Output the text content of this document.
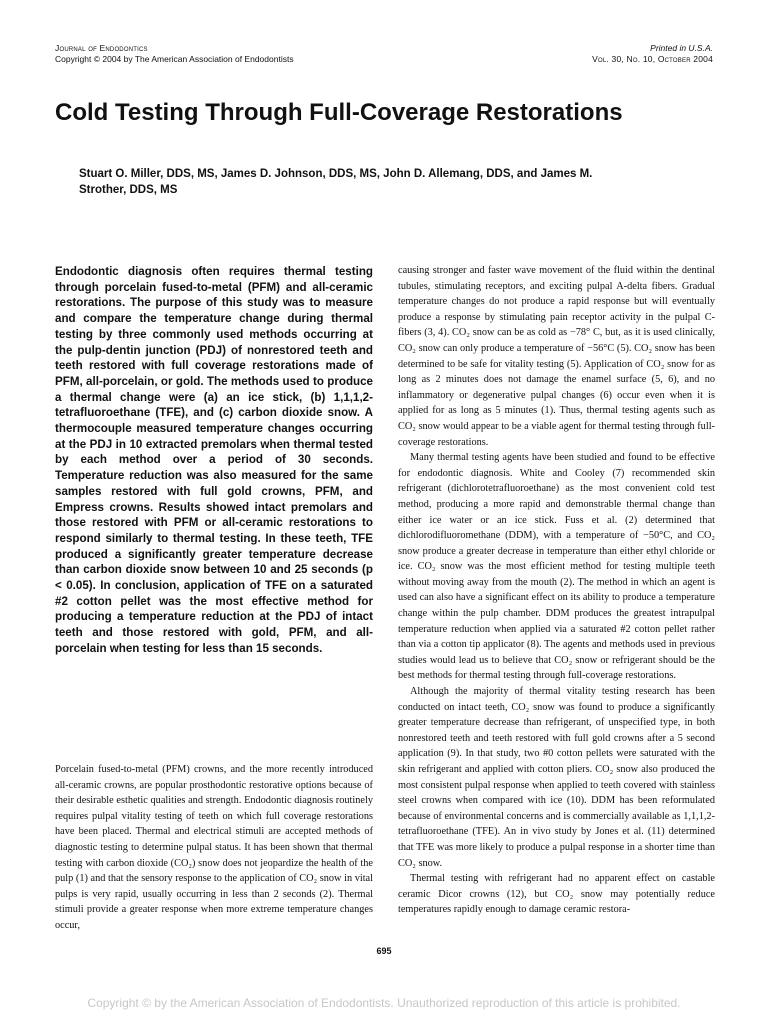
Journal of Endodontics
Copyright © 2004 by The American Association of Endodontists
Printed in U.S.A.
Vol. 30, No. 10, October 2004
Cold Testing Through Full-Coverage Restorations
Stuart O. Miller, DDS, MS, James D. Johnson, DDS, MS, John D. Allemang, DDS, and James M. Strother, DDS, MS
Endodontic diagnosis often requires thermal testing through porcelain fused-to-metal (PFM) and all-ceramic restorations. The purpose of this study was to measure and compare the temperature change during thermal testing by three commonly used methods occurring at the pulp-dentin junction (PDJ) of nonrestored teeth and teeth restored with full coverage restorations made of PFM, all-porcelain, or gold. The methods used to produce a thermal change were (a) an ice stick, (b) 1,1,1,2-tetrafluoroethane (TFE), and (c) carbon dioxide snow. A thermocouple measured temperature changes occurring at the PDJ in 10 extracted premolars when thermal tested by each method over a period of 30 seconds. Temperature reduction was also measured for the same samples restored with full gold crowns, PFM, and Empress crowns. Results showed intact premolars and those restored with PFM or all-ceramic restorations to respond similarly to thermal testing. In these teeth, TFE produced a significantly greater temperature decrease than carbon dioxide snow between 10 and 25 seconds (p < 0.05). In conclusion, application of TFE on a saturated #2 cotton pellet was the most effective method for producing a temperature reduction at the PDJ of intact teeth and those restored with gold, PFM, and all-porcelain when testing for less than 15 seconds.

Porcelain fused-to-metal (PFM) crowns, and the more recently introduced all-ceramic crowns, are popular prosthodontic restorative options because of their desirable esthetic qualities and strength. Endodontic diagnosis routinely requires pulpal vitality testing of teeth on which full coverage restorations have been placed. Thermal and electrical stimuli are accepted methods of diagnostic testing to determine pulpal status. It has been shown that thermal testing with carbon dioxide (CO₂) snow does not jeopardize the health of the pulp (1) and that the sensory response to the application of CO₂ snow in vital pulps is very rapid, usually occurring in less than 2 seconds (2). Thermal stimuli provide a greater response when more extreme temperature changes occur,

causing stronger and faster wave movement of the fluid within the dentinal tubules, stimulating receptors, and exciting pulpal A-delta fibers. Gradual temperature changes do not produce a rapid response but will eventually produce a response by stimulating pain receptor activity in the pulpal C-fibers (3, 4). CO₂ snow can be as cold as −78° C, but, as it is used clinically, CO₂ snow can only produce a temperature of −56°C (5). CO₂ snow has been determined to be safe for vitality testing (5). Application of CO₂ snow for as long as 2 minutes does not damage the enamel surface (5, 6), and no inflammatory or degenerative pulpal changes (6) occur even when it is applied for as long as 5 minutes (1). Thus, thermal testing agents such as CO₂ snow would appear to be a viable agent for thermal testing through full-coverage restorations.

Many thermal testing agents have been studied and found to be effective for endodontic diagnosis. White and Cooley (7) recommended skin refrigerant (dichlorotetrafluoroethane) as the most convenient cold test method, producing a more rapid and demonstrable thermal change than either ice water or an ice stick. Fuss et al. (2) determined that dichlorodifluoromethane (DDM), with a temperature of −50°C, and CO₂ snow produce a greater decrease in temperature than either ethyl chloride or ice. CO₂ snow was the most efficient method for testing multiple teeth without moving away from the mouth (2). The method in which an agent is used can also have a significant effect on its ability to produce a temperature change within the pulp chamber. DDM produces the greatest intrapulpal temperature reduction when applied via a saturated #2 cotton pellet rather than via a cotton tip applicator (8). The agents and methods used in previous studies would lead us to believe that CO₂ snow or refrigerant should be the best methods for thermal testing through full-coverage restorations.

Although the majority of thermal vitality testing research has been conducted on intact teeth, CO₂ snow was found to produce a significantly greater temperature decrease than refrigerant, of unspecified type, in both nonrestored teeth and teeth restored with full gold crowns after a 5 second application (9). In that study, two #0 cotton pellets were saturated with the skin refrigerant and applied with cotton pliers. CO₂ snow also produced the most consistent pulpal response when applied to teeth covered with stainless steel crowns when compared with ice (10). DDM has been reformulated because of environmental concerns and is commercially available as 1,1,1,2-tetrafluoroethane (TFE). An in vivo study by Jones et al. (11) determined that TFE was more likely to produce a pulpal response in a shorter time than CO₂ snow.

Thermal testing with refrigerant had no apparent effect on castable ceramic Dicor crowns (12), but CO₂ snow may potentially reduce temperatures rapidly enough to damage ceramic restora-

695
Copyright © by the American Association of Endodontists. Unauthorized reproduction of this article is prohibited.
